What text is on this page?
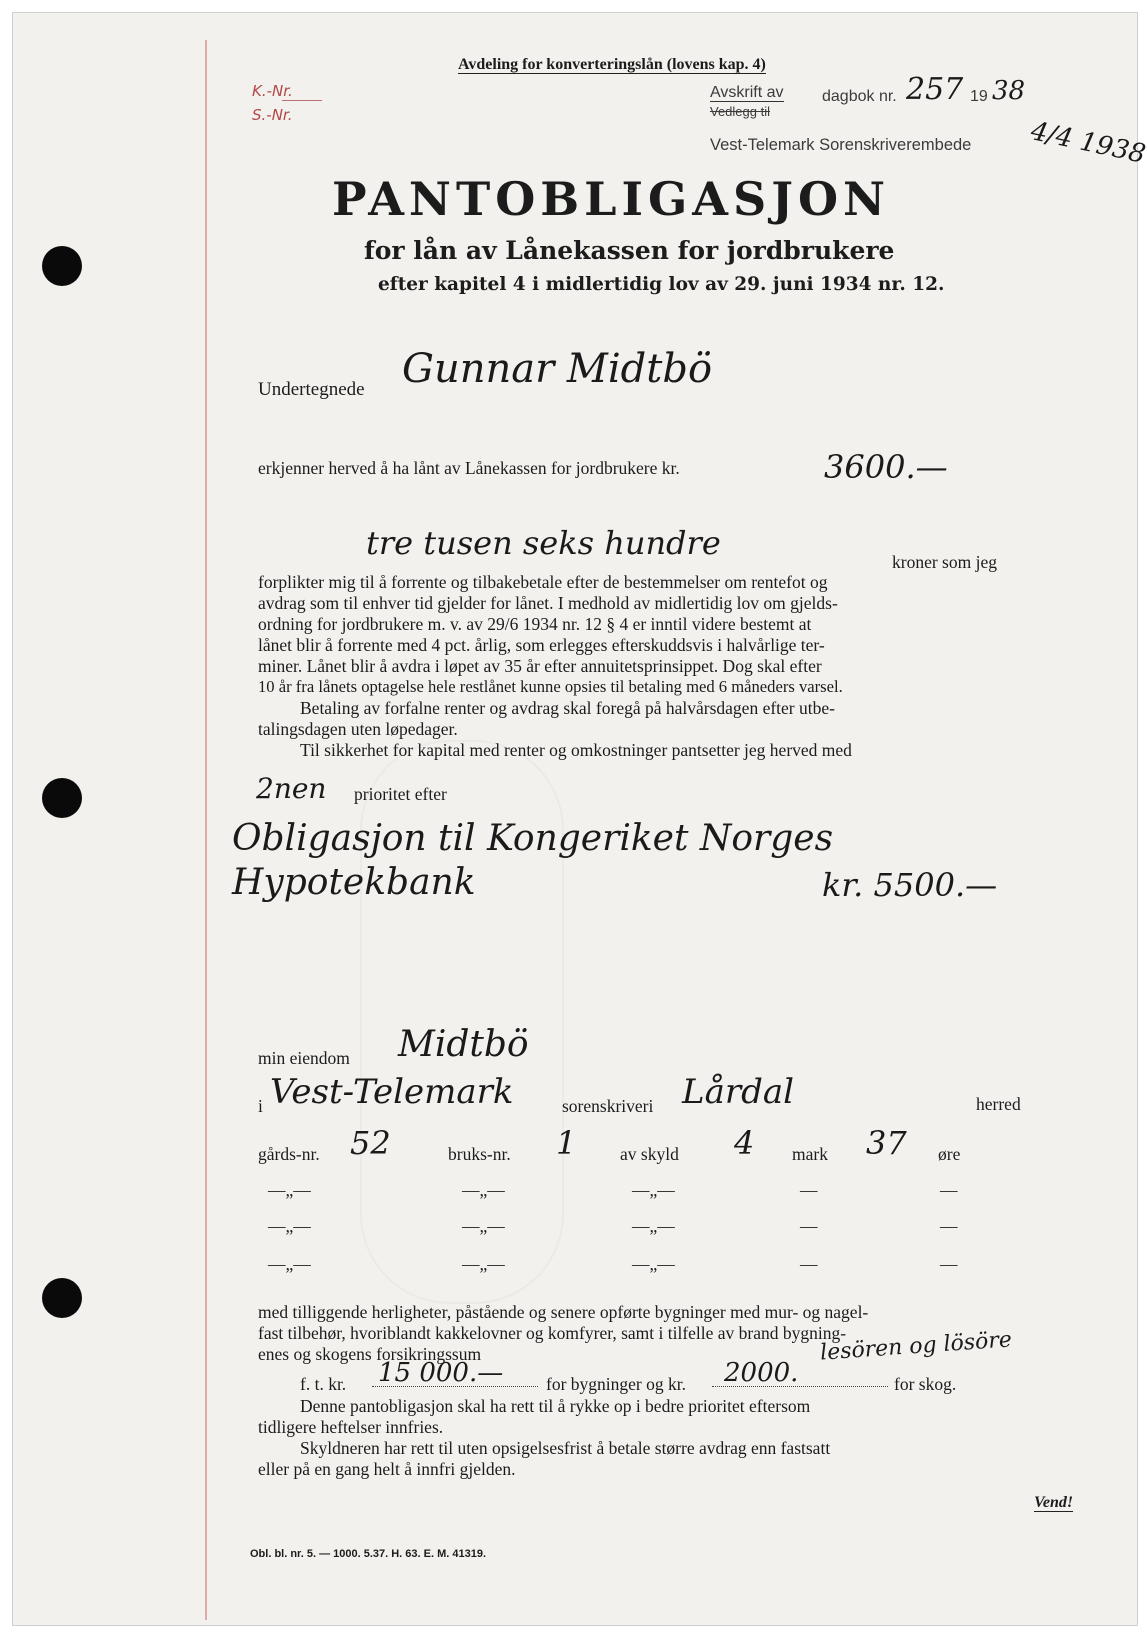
Avdeling for konverteringslån (lovens kap. 4)
K.-Nr.
S.-Nr.
Avskrift av
Vedlegg til
dagbok nr. 257 19 38
Vest-Telemark Sorenskriverembede 4/4 1938
PANTOBLIGASJON
for lån av Lånekassen for jordbrukere
efter kapitel 4 i midlertidig lov av 29. juni 1934 nr. 12.
Undertegnede Gunnar Midtbö
erkjenner herved å ha lånt av Lånekassen for jordbrukere kr.	3600.—
tre tusen seks hundre	kroner som jeg
forplikter mig til å forrente og tilbakebetale efter de bestemmelser om rentefot og
avdrag som til enhver tid gjelder for lånet. I medhold av midlertidig lov om gjelds-
ordning for jordbrukere m. v. av 29/6 1934 nr. 12 § 4 er inntil videre bestemt at
lånet blir å forrente med 4 pct. årlig, som erlegges efterskuddsvis i halvårlige ter-
miner. Lånet blir å avdra i løpet av 35 år efter annuitetsprinsippet. Dog skal efter
10 år fra lånets optagelse hele restlånet kunne opsies til betaling med 6 måneders varsel.
Betaling av forfalne renter og avdrag skal foregå på halvårsdagen efter utbe-
talingsdagen uten løpedager.
Til sikkerhet for kapital med renter og omkostninger pantsetter jeg herved med
2nen prioritet efter
Obligasjon til Kongeriket Norges
Hypotekbank	kr. 5500.—
min eiendom Midtbö
i Vest-Telemark	sorenskriveri Lårdal	herred
gårds-nr. 52	bruks-nr. 1 av skyld 4 mark 37 øre
—„—	—„—	—„—	—	—
—„—	—„—	—„—	—	—
—„—	—„—	—„—	—	—
med tilliggende herligheter, påstående og senere opførte bygninger med mur- og nagel-
fast tilbehør, hvoriblandt kakkelovner og komfyrer, samt i tilfelle av brand bygning-
enes og skogens forsikringssum
f. t. kr. 15 000.— for bygninger og kr. 2000.
lesören og lösöre
for skog.
Denne pantobligasjon skal ha rett til å rykke op i bedre prioritet eftersom
tidligere heftelser innfries.
Skyldneren har rett til uten opsigelsesfrist å betale større avdrag enn fastsatt
eller på en gang helt å innfri gjelden.
Obl. bl. nr. 5. — 1000. 5.37. H. 63. E. M. 41319.
Vend!
